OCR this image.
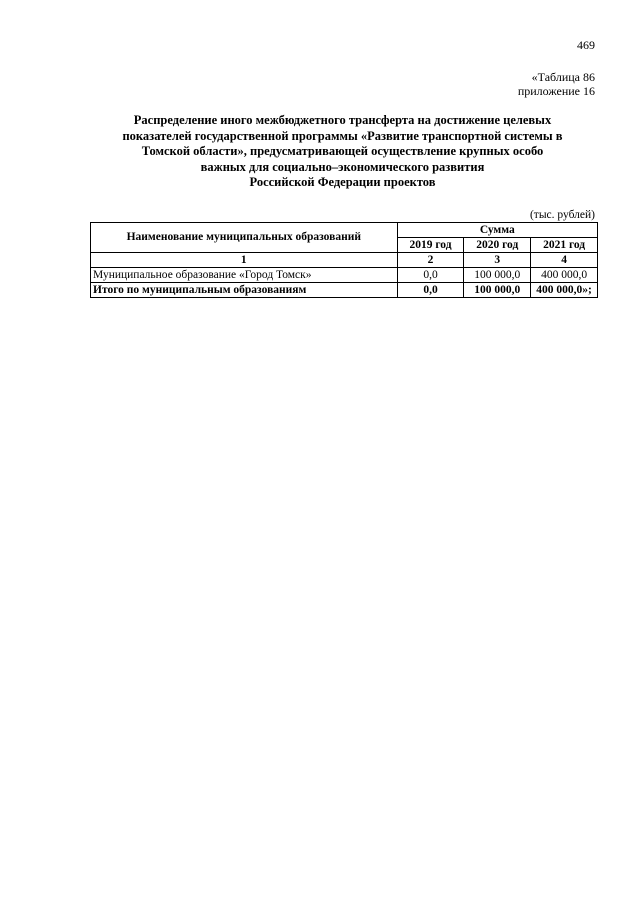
469
«Таблица 86
приложение 16
Распределение иного межбюджетного трансферта на достижение целевых
показателей государственной программы «Развитие транспортной системы в
Томской области», предусматривающей осуществление крупных особо
важных для социально–экономического развития
Российской Федерации проектов
(тыс. рублей)
Наименование муниципальных образований	Сумма		
	2019 год	2020 год	2021 год
1	2	3	4
Муниципальное образование «Город Томск»	0,0	100 000,0	400 000,0
Итого по муниципальным образованиям	0,0	100 000,0	400 000,0»;
